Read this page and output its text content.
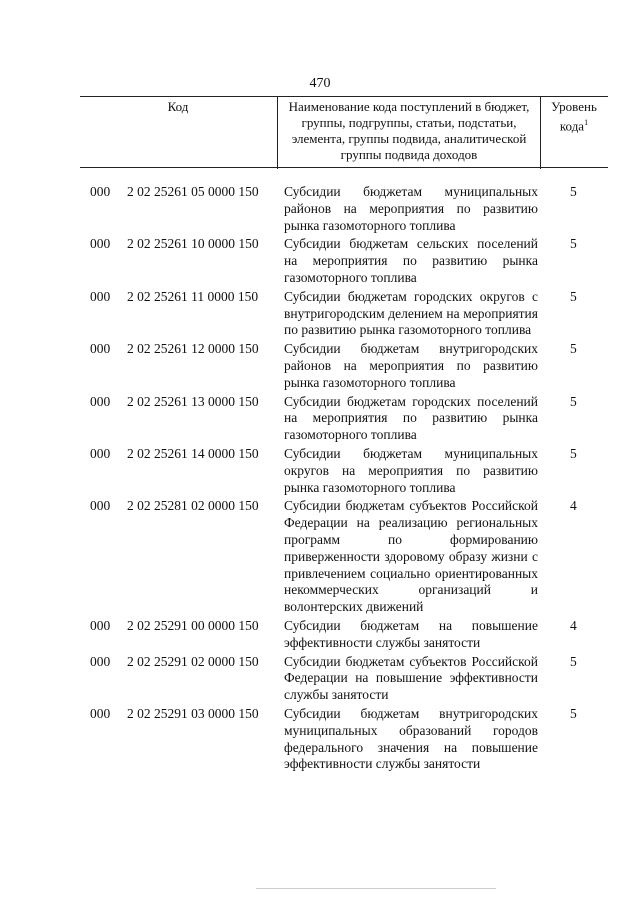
470
Код	Наименование кода поступлений в бюджет, группы, подгруппы, статьи, подстатьи, элемента, группы подвида, аналитической группы подвида доходов
Уровень кода$^1$
000 2 02 25261 05 0000 150 Субсидии бюджетам муниципальных районов на мероприятия по развитию рынка газомоторного топлива
5
000 2 02 25261 10 0000 150 Субсидии бюджетам сельских поселений на мероприятия по развитию рынка газомоторного топлива
5
000 2 02 25261 11 0000 150 Субсидии бюджетам городских округов с внутригородским делением на мероприятия по развитию рынка газомоторного топлива
5
000 2 02 25261 12 0000 150 Субсидии бюджетам внутригородских районов на мероприятия по развитию рынка газомоторного топлива
5
000 2 02 25261 13 0000 150 Субсидии бюджетам городских поселений на мероприятия по развитию рынка газомоторного топлива
5
000 2 02 25261 14 0000 150 Субсидии бюджетам муниципальных округов на мероприятия по развитию рынка газомоторного топлива
5
000 2 02 25281 02 0000 150 Субсидии бюджетам субъектов Российской Федерации на реализацию региональных программ по формированию приверженности здоровому образу жизни с привлечением социально ориентированных некоммерческих организаций и волонтерских движений
4
000 2 02 25291 00 0000 150 Субсидии бюджетам на повышение эффективности службы занятости
4
000 2 02 25291 02 0000 150 Субсидии бюджетам субъектов Российской Федерации на повышение эффективности службы занятости
5
000 2 02 25291 03 0000 150 Субсидии бюджетам внутригородских муниципальных образований городов федерального значения на повышение эффективности службы занятости
5
